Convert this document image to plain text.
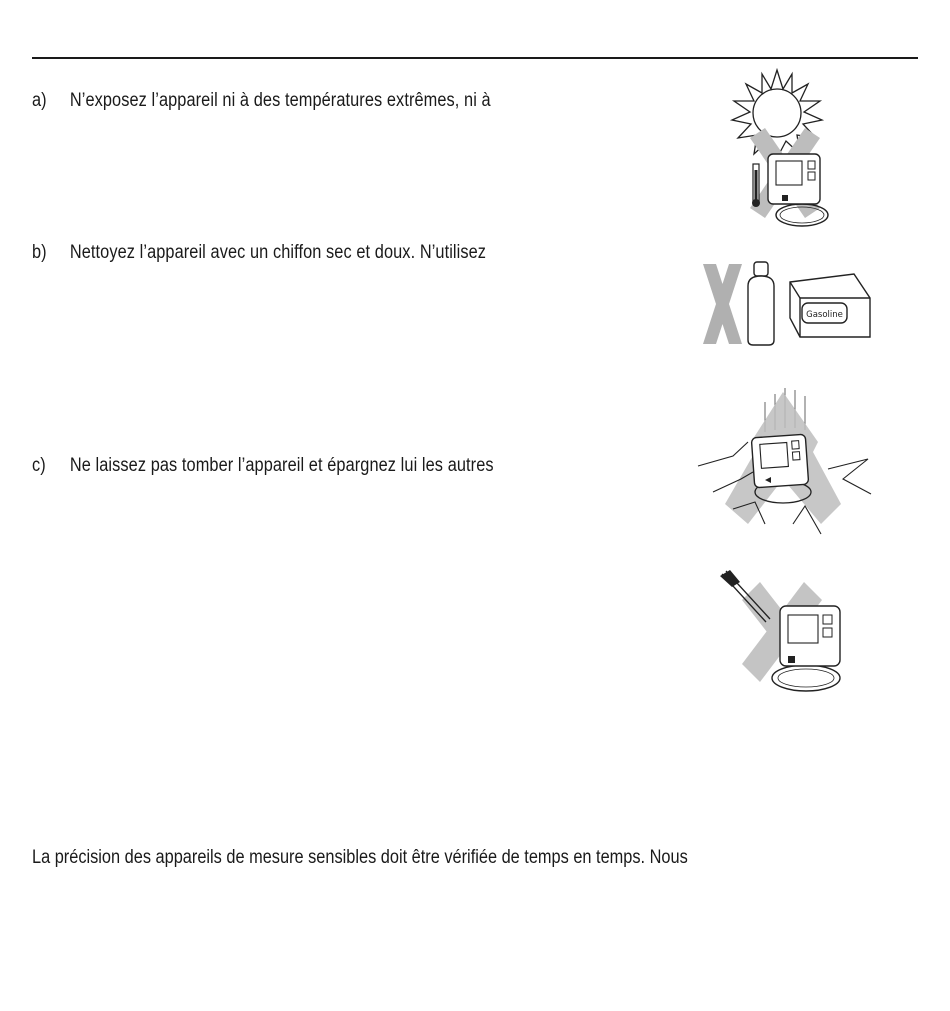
a) N’exposez l’appareil ni à des températures extrêmes, ni à
b) Nettoyez l’appareil avec un chiffon sec et doux. N’utilisez
c) Ne laissez pas tomber l’appareil et épargnez lui les autres
La précision des appareils de mesure sensibles doit être vérifiée de temps en temps. Nous
Gasoline
